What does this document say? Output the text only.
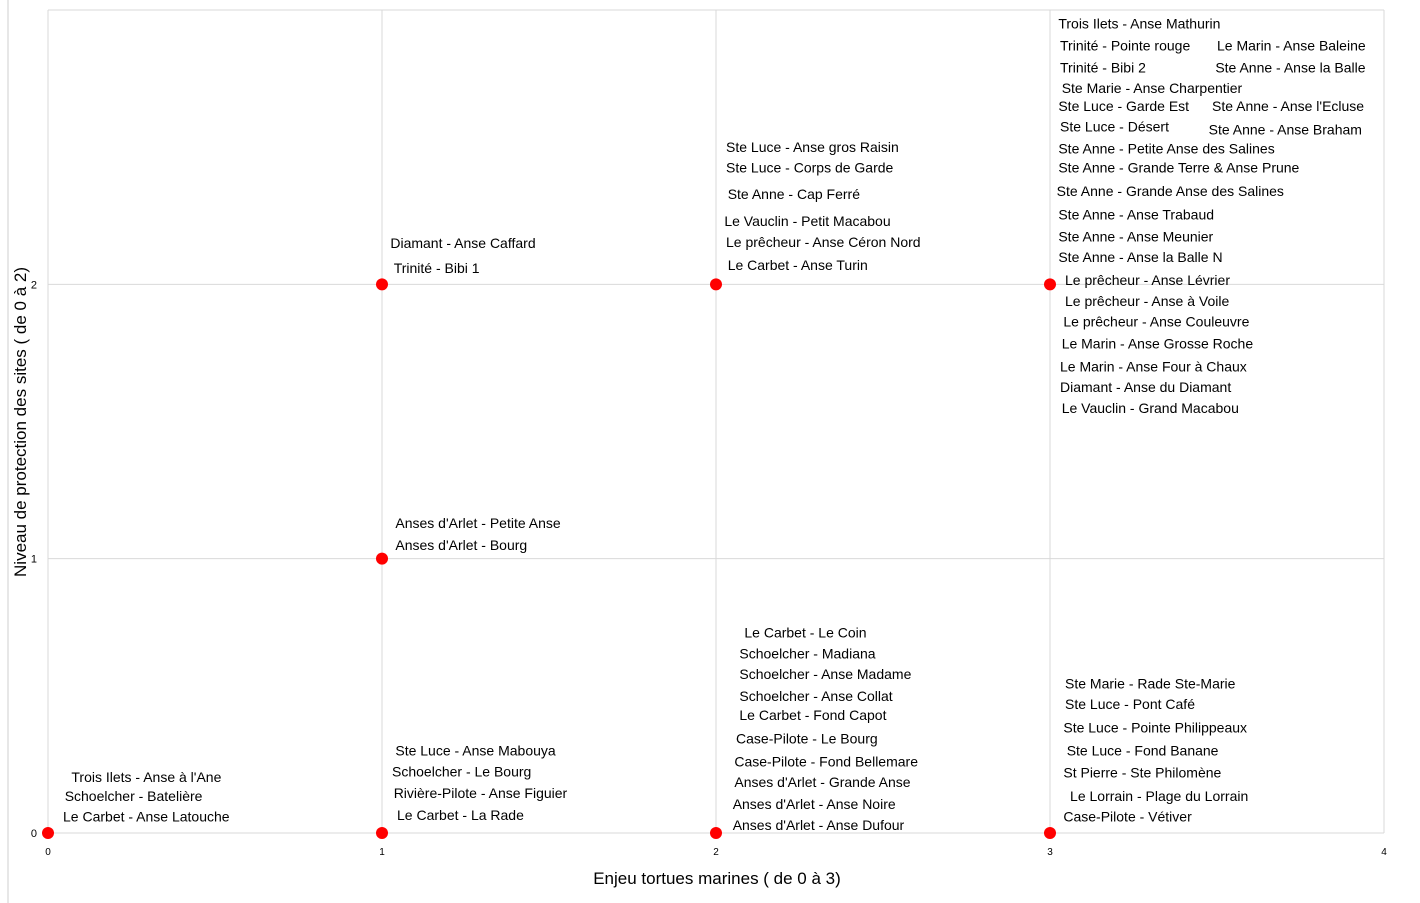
0	1	2	3	4
0
1
2
Trois Ilets - Anse à l'Ane
Schoelcher - Batelière
Le Carbet - Anse Latouche
Ste Luce - Anse Mabouya
Schoelcher - Le Bourg
Rivière-Pilote - Anse Figuier
Le Carbet - La Rade
Anses d'Arlet - Petite Anse
Anses d'Arlet - Bourg
Diamant - Anse Caffard
Trinité - Bibi 1
Le Carbet - Le Coin
Schoelcher - Madiana
Schoelcher - Anse Madame
Schoelcher - Anse Collat
Le Carbet - Fond Capot
Case-Pilote - Le Bourg
Case-Pilote - Fond Bellemare
Anses d'Arlet - Grande Anse
Anses d'Arlet - Anse Noire
Anses d'Arlet - Anse Dufour
Ste Luce - Anse gros Raisin
Ste Luce - Corps de Garde
Ste Anne - Cap Ferré
Le Vauclin - Petit Macabou
Le prêcheur - Anse Céron Nord
Le Carbet - Anse Turin
Ste Marie - Rade Ste-Marie
Ste Luce - Pont Café
Ste Luce - Pointe Philippeaux
Ste Luce - Fond Banane
St Pierre - Ste Philomène
Le Lorrain - Plage du Lorrain
Case-Pilote - Vétiver
Trois Ilets - Anse Mathurin
Trinité - Pointe rouge Le Marin - Anse Baleine
Trinité - Bibi 2	Ste Anne - Anse la Balle
Ste Marie - Anse Charpentier
Ste Luce - Garde Est Ste Anne - Anse l'Ecluse
Ste Luce - Désert	Ste Anne - Anse Braham
Ste Anne - Petite Anse des Salines
Ste Anne - Grande Terre & Anse Prune
Ste Anne - Grande Anse des Salines
Ste Anne - Anse Trabaud
Ste Anne - Anse Meunier
Ste Anne - Anse la Balle N
Le prêcheur - Anse Lévrier
Le prêcheur - Anse à Voile
Le prêcheur - Anse Couleuvre
Le Marin - Anse Grosse Roche
Le Marin - Anse Four à Chaux
Diamant - Anse du Diamant
Le Vauclin - Grand Macabou
Enjeu tortues marines ( de 0 à 3)
Niveau de protection des sites ( de 0 à 2)
